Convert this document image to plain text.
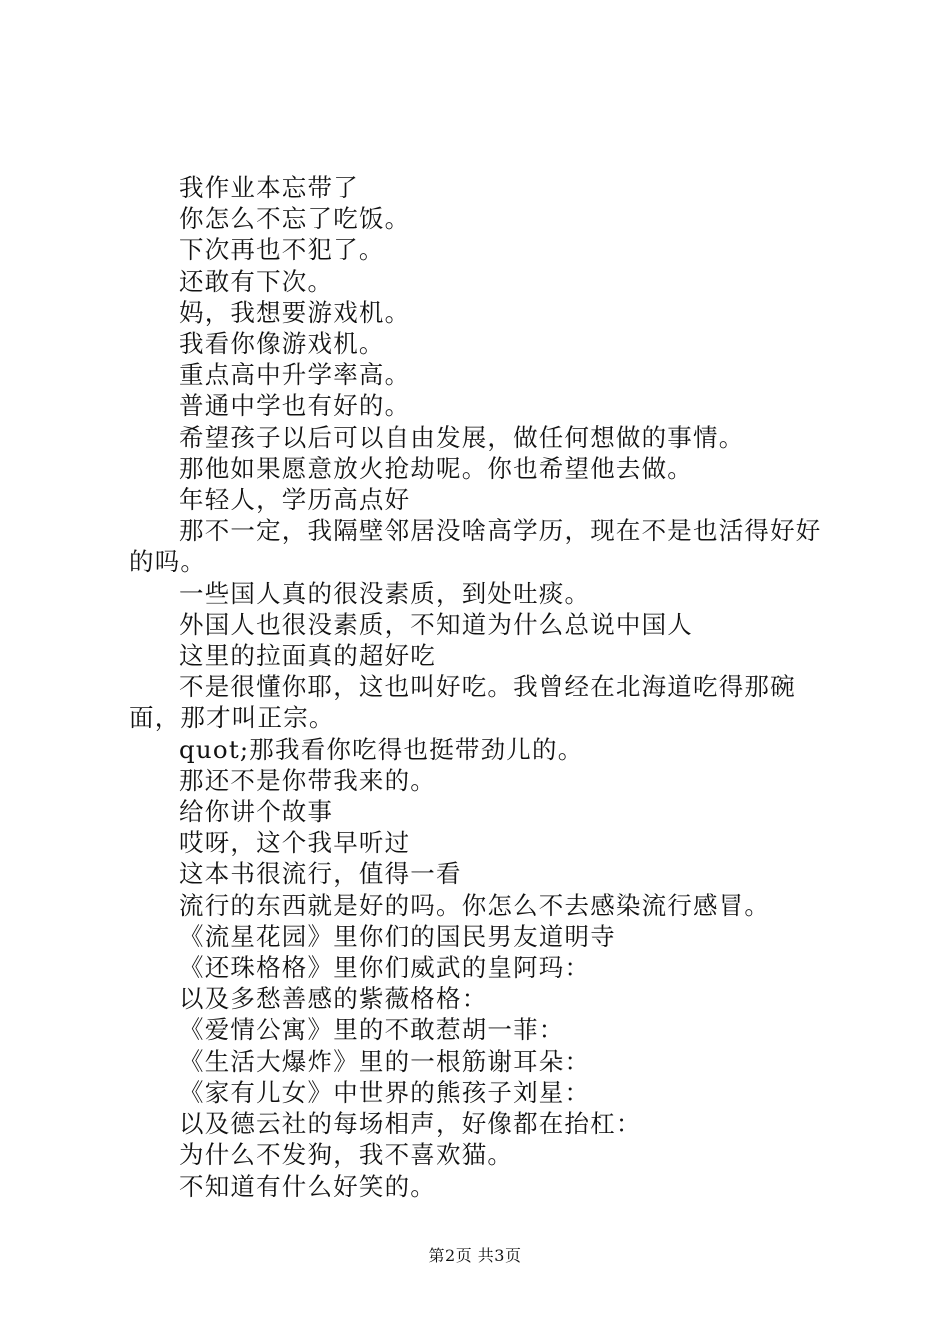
我作业本忘带了

你怎么不忘了吃饭。

下次再也不犯了。

还敢有下次。

妈，我想要游戏机。

我看你像游戏机。

重点高中升学率高。

普通中学也有好的。

希望孩子以后可以自由发展，做任何想做的事情。

那他如果愿意放火抢劫呢。你也希望他去做。

年轻人，学历高点好

那不一定，我隔壁邻居没啥高学历，现在不是也活得好好的吗。

一些国人真的很没素质，到处吐痰。

外国人也很没素质，不知道为什么总说中国人

这里的拉面真的超好吃

不是很懂你耶，这也叫好吃。我曾经在北海道吃得那碗面，那才叫正宗。

quot;那我看你吃得也挺带劲儿的。

那还不是你带我来的。

给你讲个故事

哎呀，这个我早听过

这本书很流行，值得一看

流行的东西就是好的吗。你怎么不去感染流行感冒。

《流星花园》里你们的国民男友道明寺

《还珠格格》里你们威武的皇阿玛：

以及多愁善感的紫薇格格：

《爱情公寓》里的不敢惹胡一菲：

《生活大爆炸》里的一根筋谢耳朵：

《家有儿女》中世界的熊孩子刘星：

以及德云社的每场相声，好像都在抬杠：

为什么不发狗，我不喜欢猫。

不知道有什么好笑的。

第2页 共3页
